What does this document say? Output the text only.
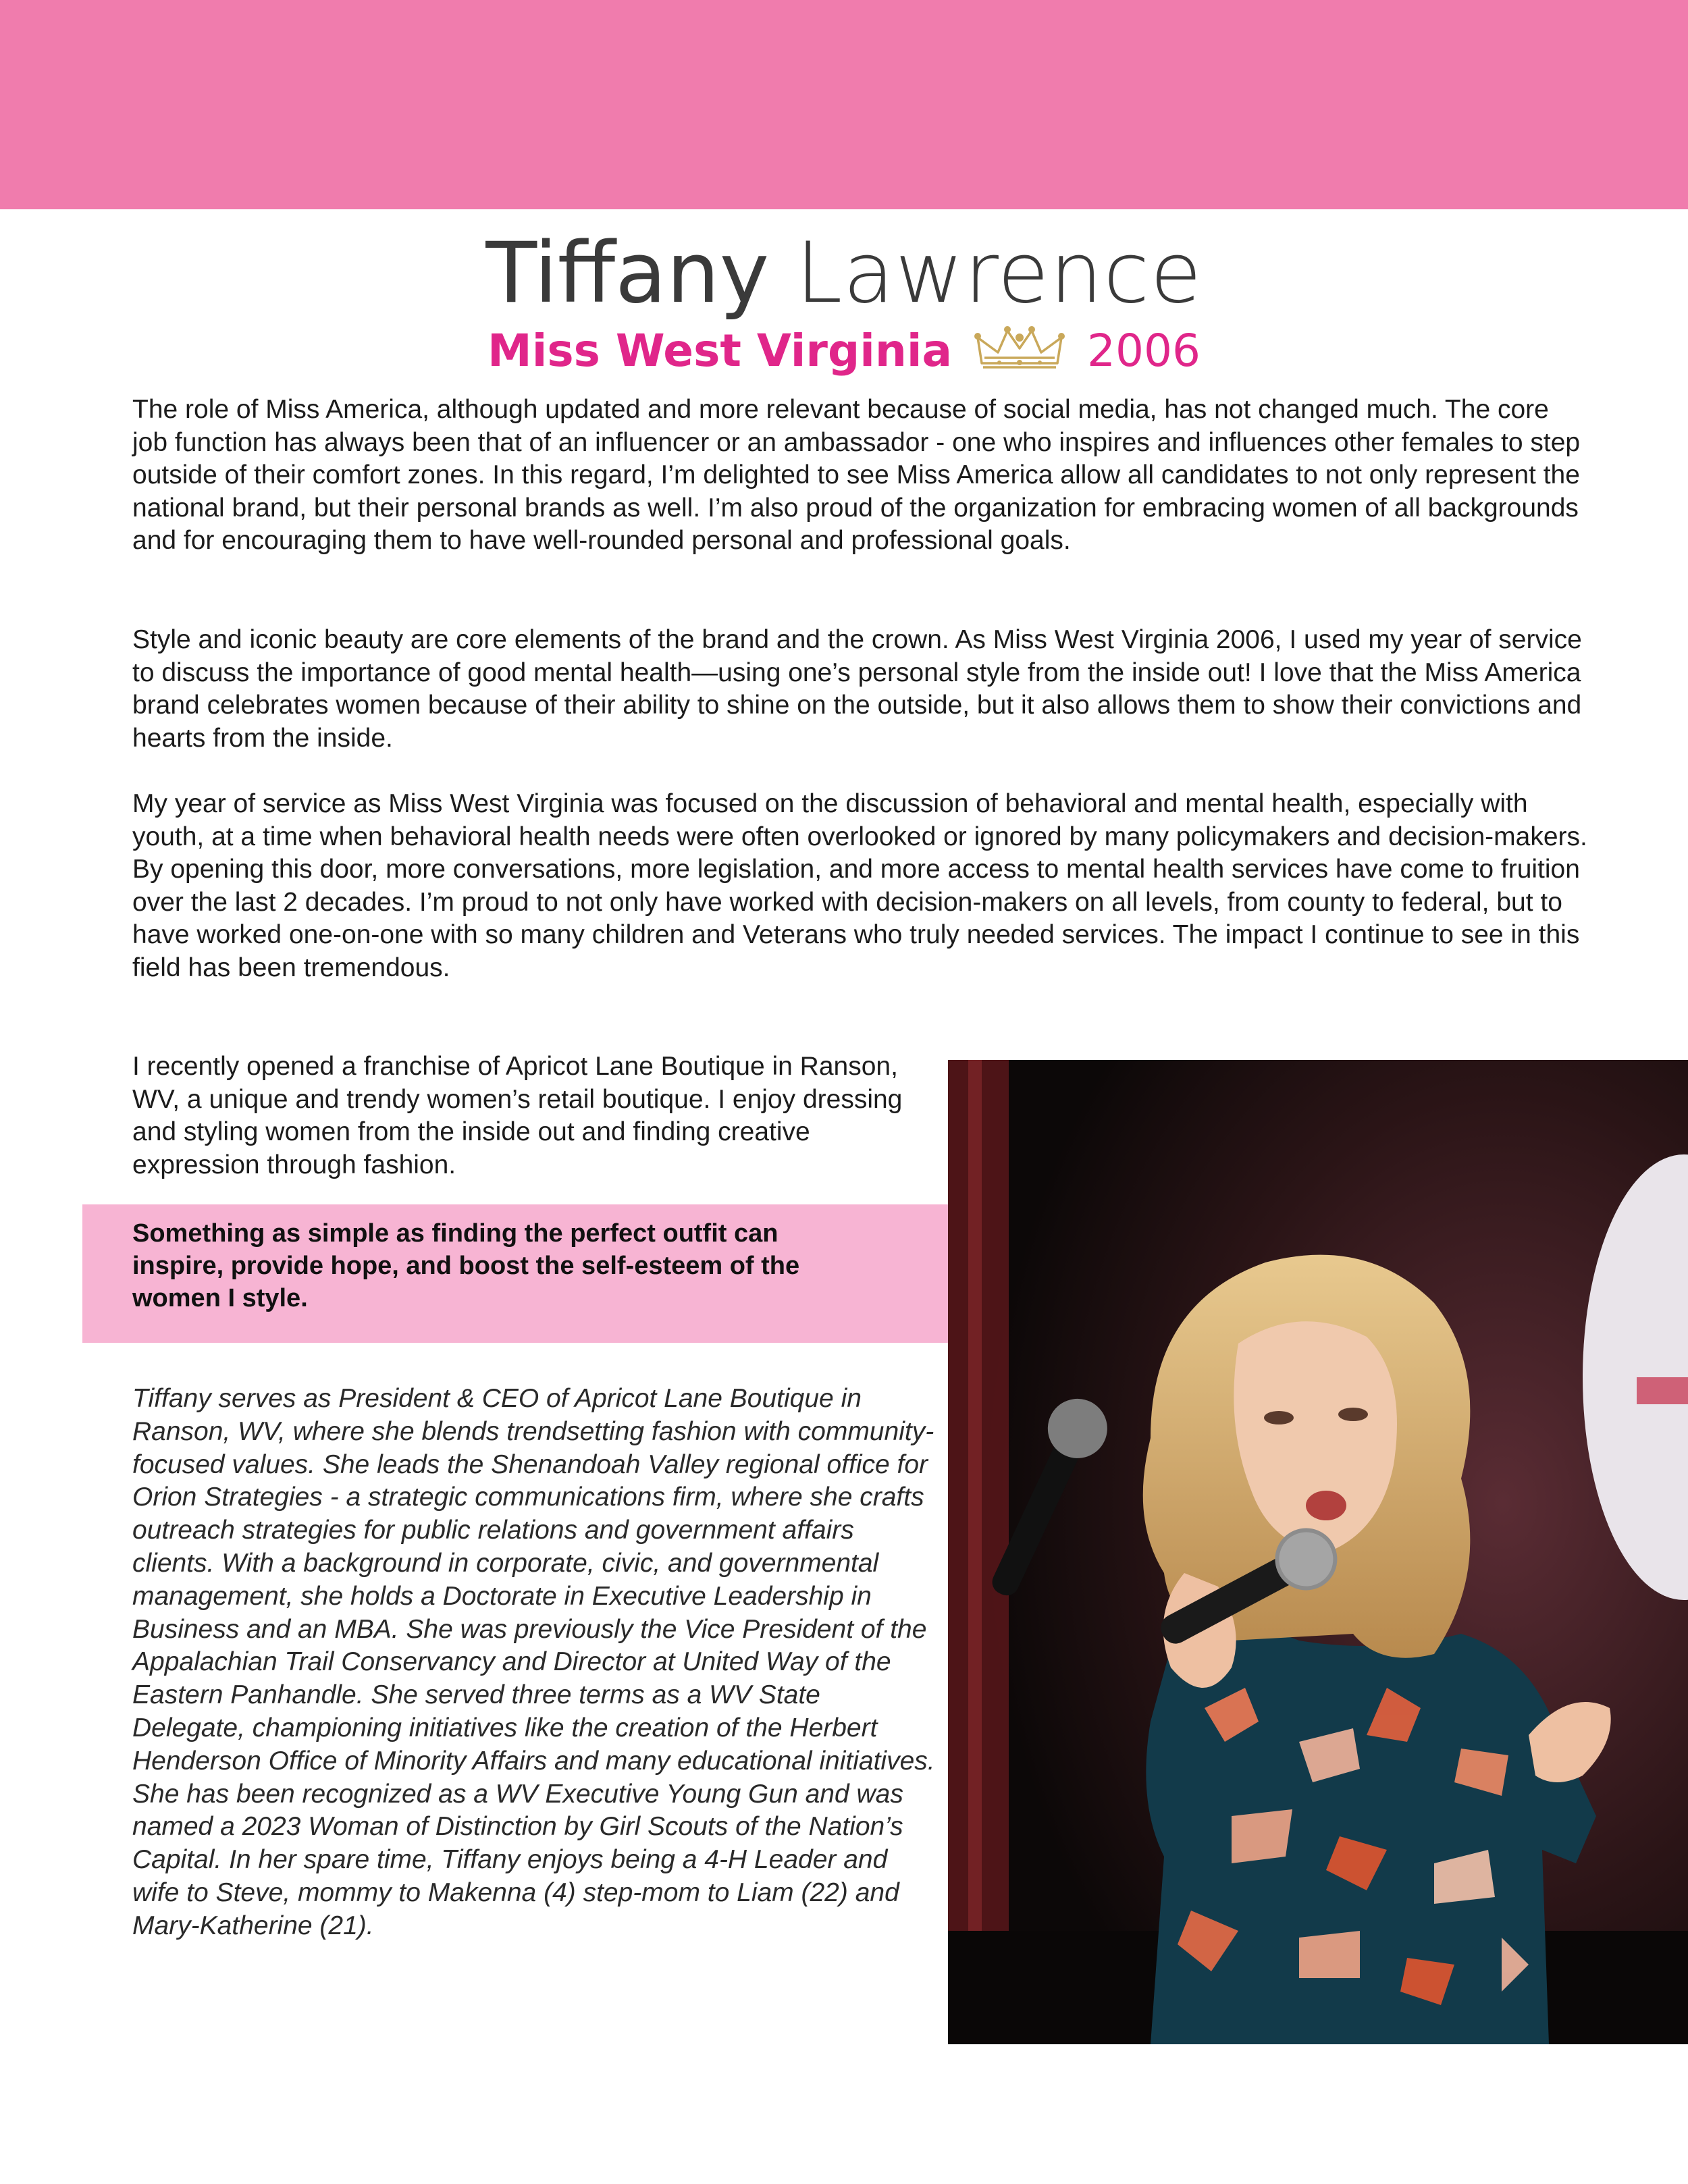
Tiffany Lawrence
Miss West Virginia	2006
The role of Miss America, although updated and more relevant because of social media, has not changed much. The core job function has always been that of an influencer or an ambassador - one who inspires and influences other females to step outside of their comfort zones. In this regard, I’m delighted to see Miss America allow all candidates to not only represent the national brand, but their personal brands as well. I’m also proud of the organization for embracing women of all backgrounds and for encouraging them to have well-rounded personal and professional goals.
Style and iconic beauty are core elements of the brand and the crown. As Miss West Virginia 2006, I used my year of service to discuss the importance of good mental health—using one’s personal style from the inside out! I love that the Miss America brand celebrates women because of their ability to shine on the outside, but it also allows them to show their convictions and hearts from the inside.
My year of service as Miss West Virginia was focused on the discussion of behavioral and mental health, especially with youth, at a time when behavioral health needs were often overlooked or ignored by many policymakers and decision-makers. By opening this door, more conversations, more legislation, and more access to mental health services have come to fruition over the last 2 decades. I’m proud to not only have worked with decision-makers on all levels, from county to federal, but to have worked one-on-one with so many children and Veterans who truly needed services. The impact I continue to see in this field has been tremendous.
I recently opened a franchise of Apricot Lane Boutique in Ranson, WV, a unique and trendy women’s retail boutique. I enjoy dressing and styling women from the inside out and finding creative expression through fashion.
Something as simple as finding the perfect outfit can inspire, provide hope, and boost the self-esteem of the women I style.
Tiffany serves as President & CEO of Apricot Lane Boutique in Ranson, WV, where she blends trendsetting fashion with community-focused values. She leads the Shenandoah Valley regional office for Orion Strategies - a strategic communications firm, where she crafts outreach strategies for public relations and government affairs clients. With a background in corporate, civic, and governmental management, she holds a Doctorate in Executive Leadership in Business and an MBA. She was previously the Vice President of the Appalachian Trail Conservancy and Director at United Way of the Eastern Panhandle. She served three terms as a WV State Delegate, championing initiatives like the creation of the Herbert Henderson Office of Minority Affairs and many educational initiatives. She has been recognized as a WV Executive Young Gun and was named a 2023 Woman of Distinction by Girl Scouts of the Nation’s Capital. In her spare time, Tiffany enjoys being a 4-H Leader and wife to Steve, mommy to Makenna (4) step-mom to Liam (22) and Mary-Katherine (21).
